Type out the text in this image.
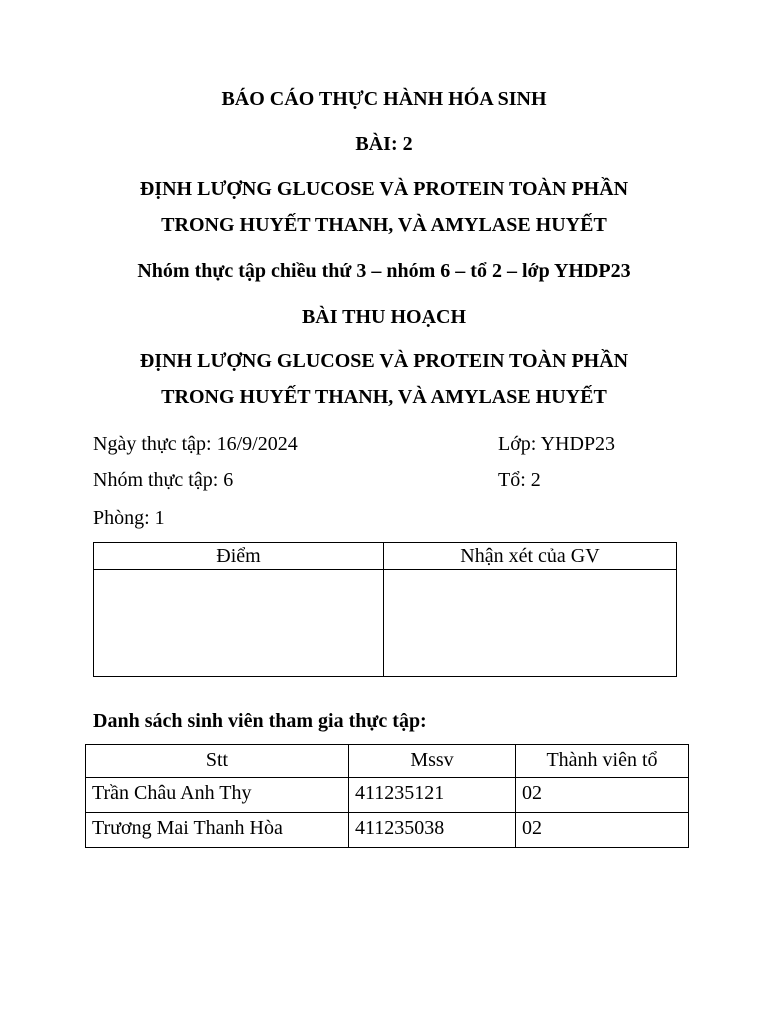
BÁO CÁO THỰC HÀNH HÓA SINH
BÀI: 2
ĐỊNH LƯỢNG GLUCOSE VÀ PROTEIN TOÀN PHẦN
TRONG HUYẾT THANH, VÀ AMYLASE HUYẾT
Nhóm thực tập chiều thứ 3 – nhóm 6 – tổ 2 – lớp YHDP23
BÀI THU HOẠCH
ĐỊNH LƯỢNG GLUCOSE VÀ PROTEIN TOÀN PHẦN
TRONG HUYẾT THANH, VÀ AMYLASE HUYẾT
Ngày thực tập: 16/9/2024	Lớp: YHDP23
Nhóm thực tập: 6	Tổ: 2
Phòng: 1
Điểm	Nhận xét của GV

Danh sách sinh viên tham gia thực tập:
Stt	Mssv	Thành viên tổ
Trần Châu Anh Thy	411235121	02
Trương Mai Thanh Hòa	411235038	02
